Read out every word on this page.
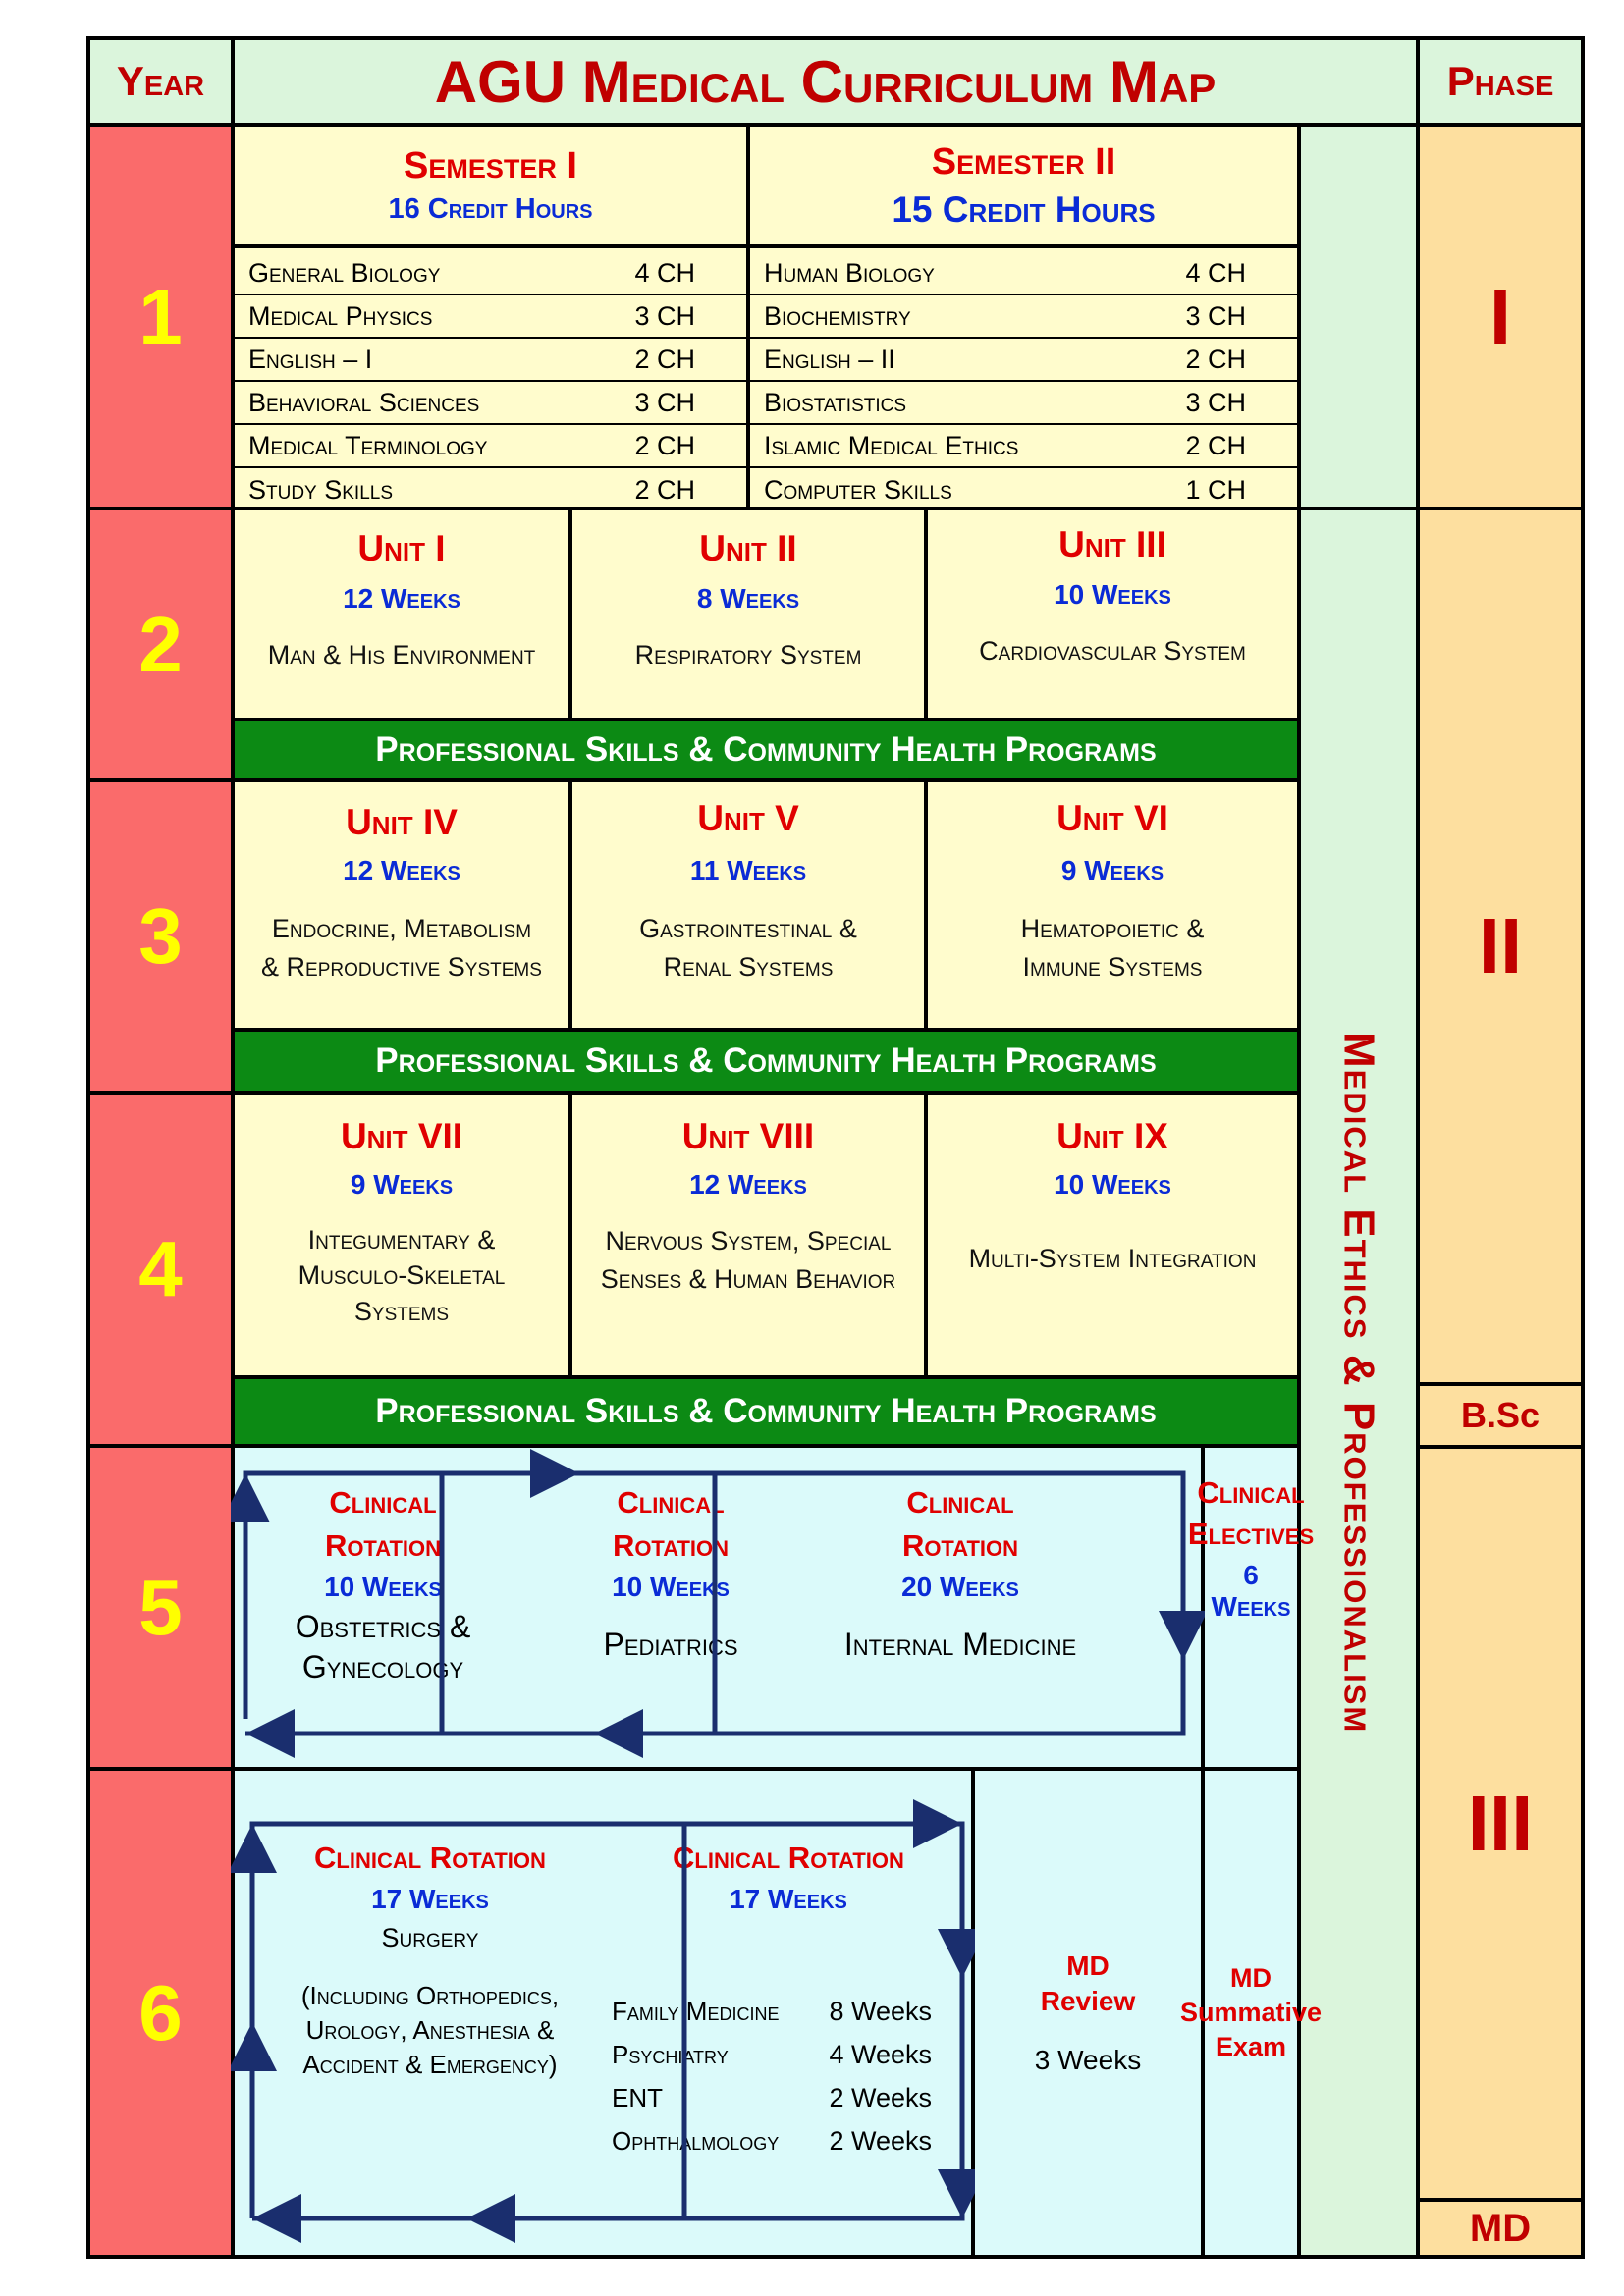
Year	AGU Medical Curriculum Map	Phase
1
2
3
4
5
6
I
II
B.Sc
III
MD
Medical Ethics & Professionalism
Semester I
16 Credit Hours
Semester II
15 Credit Hours
General Biology	4 CH
Medical Physics	3 CH
English – I	2 CH
Behavioral Sciences	3 CH
Medical Terminology	2 CH
Study Skills	2 CH
Human Biology	4 CH
Biochemistry	3 CH
English – II	2 CH
Biostatistics	3 CH
Islamic Medical Ethics	2 CH
Computer Skills	1 CH
Unit I
12 Weeks
Man & His Environment
Unit II
8 Weeks
Respiratory System
Unit III
10 Weeks
Cardiovascular System
Professional Skills & Community Health Programs
Unit IV
12 Weeks
Endocrine, Metabolism
& Reproductive Systems
Unit V
11 Weeks
Gastrointestinal &
Renal Systems
Unit VI
9 Weeks
Hematopoietic &
Immune Systems
Professional Skills & Community Health Programs
Unit VII
9 Weeks
Integumentary &
Musculo-Skeletal
Systems
Unit VIII
12 Weeks
Nervous System, Special
Senses & Human Behavior
Unit IX
10 Weeks
Multi-System Integration
Professional Skills & Community Health Programs
Clinical
Electives
6 Weeks
Clinical
Rotation
10 Weeks
Obstetrics &
Gynecology
Clinical
Rotation
10 Weeks
Pediatrics
Clinical
Rotation
20 Weeks
Internal Medicine
MD
Review
3 Weeks
MD
Summative
Exam
Clinical Rotation
17 Weeks
Surgery
(Including Orthopedics,
Urology, Anesthesia &
Accident & Emergency)
Clinical Rotation
17 Weeks
Family Medicine 8 Weeks
Psychiatry	4 Weeks
ENT	2 Weeks
Ophthalmology 2 Weeks
